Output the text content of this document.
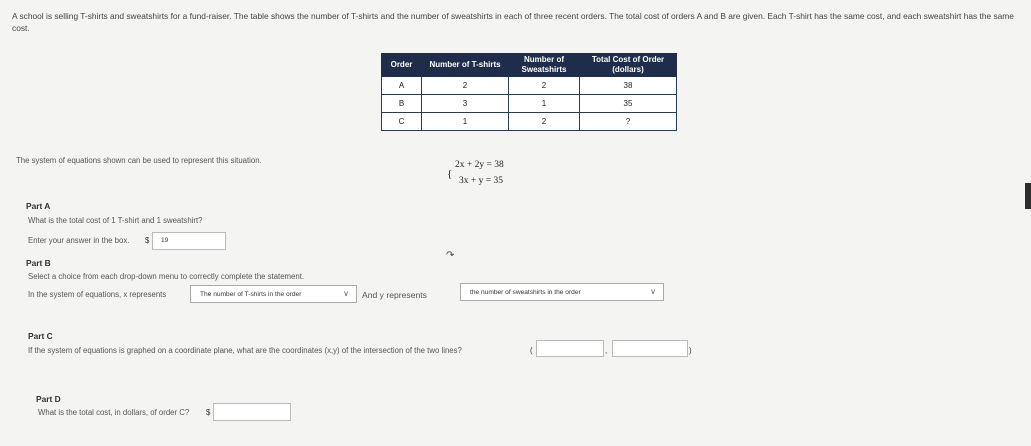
A school is selling T-shirts and sweatshirts for a fund-raiser. The table shows the number of T-shirts and the number of sweatshirts in each of three recent orders. The total cost of orders A and B are given. Each T-shirt has the same cost, and each sweatshirt has the same cost.
Order	Number of T-shirts	Number of Sweatshirts	Total Cost of Order (dollars)
A	2	2	38
B	3	1	35
C	1	2	?
The system of equations shown can be used to represent this situation.
{
2x + 2y = 38
3x + y = 35
Part A
What is the total cost of 1 T-shirt and 1 sweatshirt?
Enter your answer in the box. $ 19
↷
Part B
Select a choice from each drop-down menu to correctly complete the statement.
In the system of equations, x represents	The number of T-shirts in the order	∨ And y represents	the number of sweatshirts in the order	∨
Part C
If the system of equations is graphed on a coordinate plane, what are the coordinates (x,y) of the intersection of the two lines?	(	,	)
Part D
What is the total cost, in dollars, of order C? $
